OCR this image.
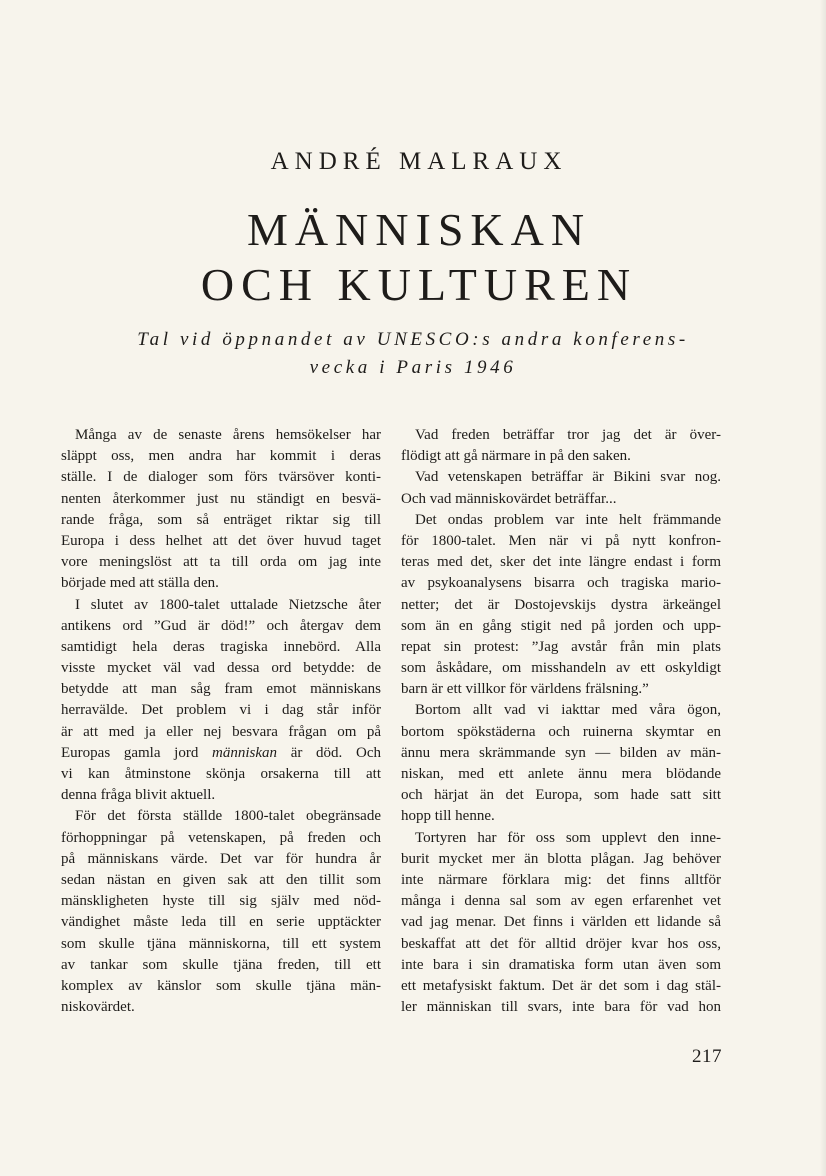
ANDRÉ MALRAUX
MÄNNISKAN
OCH KULTUREN
Tal vid öppnandet av UNESCO:s andra konferens-
vecka i Paris 1946
Många av de senaste årens hemsökelser har
släppt oss, men andra har kommit i deras
ställe. I de dialoger som förs tvärsöver konti-
nenten återkommer just nu ständigt en besvä-
rande fråga, som så enträget riktar sig till
Europa i dess helhet att det över huvud taget
vore meningslöst att ta till orda om jag inte
började med att ställa den.
I slutet av 1800-talet uttalade Nietzsche åter
antikens ord ”Gud är död!” och återgav dem
samtidigt hela deras tragiska innebörd. Alla
visste mycket väl vad dessa ord betydde: de
betydde att man såg fram emot människans
herravälde. Det problem vi i dag står inför
är att med ja eller nej besvara frågan om på
Europas gamla jord människan är död. Och
vi kan åtminstone skönja orsakerna till att
denna fråga blivit aktuell.
För det första ställde 1800-talet obegränsade
förhoppningar på vetenskapen, på freden och
på människans värde. Det var för hundra år
sedan nästan en given sak att den tillit som
mänskligheten hyste till sig själv med nöd-
vändighet måste leda till en serie upptäckter
som skulle tjäna människorna, till ett system
av tankar som skulle tjäna freden, till ett
komplex av känslor som skulle tjäna män-
niskovärdet.
Vad freden beträffar tror jag det är över-
flödigt att gå närmare in på den saken.
Vad vetenskapen beträffar är Bikini svar nog.
Och vad människovärdet beträffar...
Det ondas problem var inte helt främmande
för 1800-talet. Men när vi på nytt konfron-
teras med det, sker det inte längre endast i form
av psykoanalysens bisarra och tragiska mario-
netter; det är Dostojevskijs dystra ärkeängel
som än en gång stigit ned på jorden och upp-
repat sin protest: ”Jag avstår från min plats
som åskådare, om misshandeln av ett oskyldigt
barn är ett villkor för världens frälsning.”
Bortom allt vad vi iakttar med våra ögon,
bortom spökstäderna och ruinerna skymtar en
ännu mera skrämmande syn — bilden av män-
niskan, med ett anlete ännu mera blödande
och härjat än det Europa, som hade satt sitt
hopp till henne.
Tortyren har för oss som upplevt den inne-
burit mycket mer än blotta plågan. Jag behöver
inte närmare förklara mig: det finns alltför
många i denna sal som av egen erfarenhet vet
vad jag menar. Det finns i världen ett lidande så
beskaffat att det för alltid dröjer kvar hos oss,
inte bara i sin dramatiska form utan även som
ett metafysiskt faktum. Det är det som i dag stäl-
ler människan till svars, inte bara för vad hon
217
